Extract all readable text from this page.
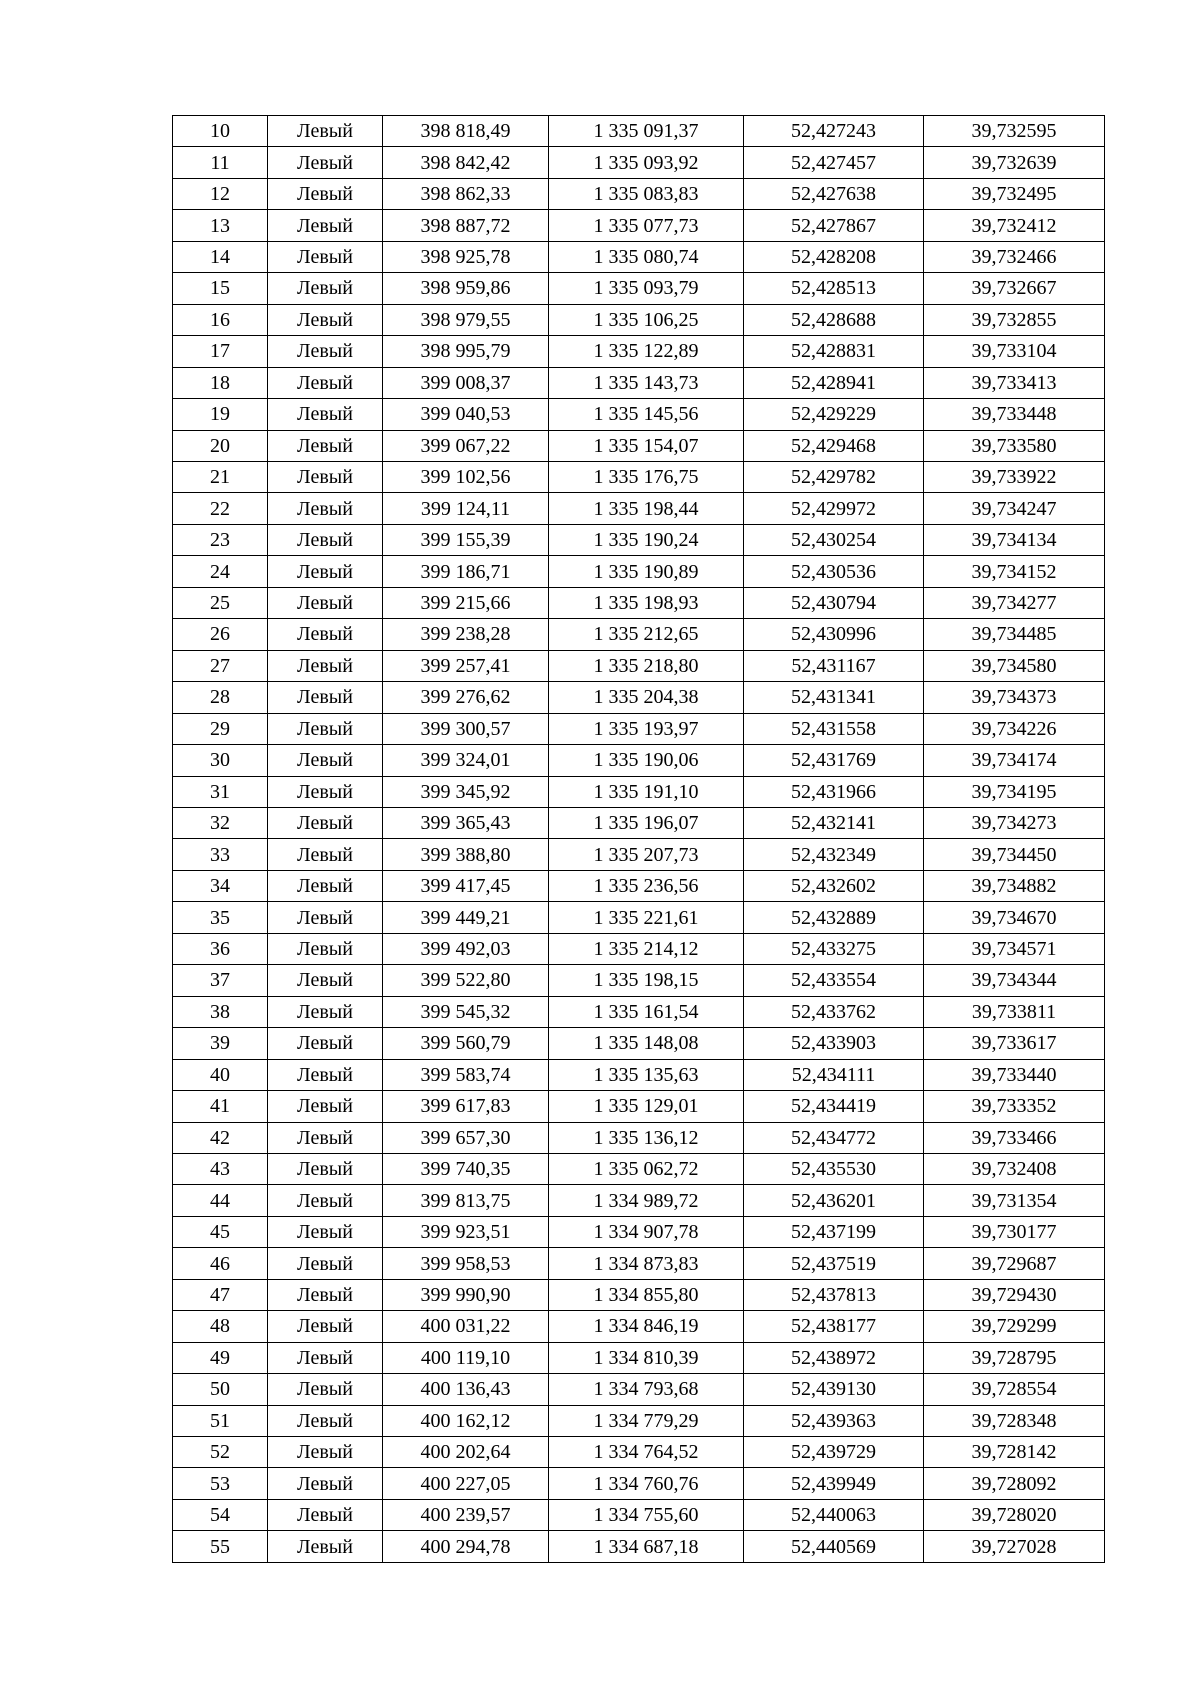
10	Левый	398 818,49	1 335 091,37	52,427243	39,732595
11	Левый	398 842,42	1 335 093,92	52,427457	39,732639
12	Левый	398 862,33	1 335 083,83	52,427638	39,732495
13	Левый	398 887,72	1 335 077,73	52,427867	39,732412
14	Левый	398 925,78	1 335 080,74	52,428208	39,732466
15	Левый	398 959,86	1 335 093,79	52,428513	39,732667
16	Левый	398 979,55	1 335 106,25	52,428688	39,732855
17	Левый	398 995,79	1 335 122,89	52,428831	39,733104
18	Левый	399 008,37	1 335 143,73	52,428941	39,733413
19	Левый	399 040,53	1 335 145,56	52,429229	39,733448
20	Левый	399 067,22	1 335 154,07	52,429468	39,733580
21	Левый	399 102,56	1 335 176,75	52,429782	39,733922
22	Левый	399 124,11	1 335 198,44	52,429972	39,734247
23	Левый	399 155,39	1 335 190,24	52,430254	39,734134
24	Левый	399 186,71	1 335 190,89	52,430536	39,734152
25	Левый	399 215,66	1 335 198,93	52,430794	39,734277
26	Левый	399 238,28	1 335 212,65	52,430996	39,734485
27	Левый	399 257,41	1 335 218,80	52,431167	39,734580
28	Левый	399 276,62	1 335 204,38	52,431341	39,734373
29	Левый	399 300,57	1 335 193,97	52,431558	39,734226
30	Левый	399 324,01	1 335 190,06	52,431769	39,734174
31	Левый	399 345,92	1 335 191,10	52,431966	39,734195
32	Левый	399 365,43	1 335 196,07	52,432141	39,734273
33	Левый	399 388,80	1 335 207,73	52,432349	39,734450
34	Левый	399 417,45	1 335 236,56	52,432602	39,734882
35	Левый	399 449,21	1 335 221,61	52,432889	39,734670
36	Левый	399 492,03	1 335 214,12	52,433275	39,734571
37	Левый	399 522,80	1 335 198,15	52,433554	39,734344
38	Левый	399 545,32	1 335 161,54	52,433762	39,733811
39	Левый	399 560,79	1 335 148,08	52,433903	39,733617
40	Левый	399 583,74	1 335 135,63	52,434111	39,733440
41	Левый	399 617,83	1 335 129,01	52,434419	39,733352
42	Левый	399 657,30	1 335 136,12	52,434772	39,733466
43	Левый	399 740,35	1 335 062,72	52,435530	39,732408
44	Левый	399 813,75	1 334 989,72	52,436201	39,731354
45	Левый	399 923,51	1 334 907,78	52,437199	39,730177
46	Левый	399 958,53	1 334 873,83	52,437519	39,729687
47	Левый	399 990,90	1 334 855,80	52,437813	39,729430
48	Левый	400 031,22	1 334 846,19	52,438177	39,729299
49	Левый	400 119,10	1 334 810,39	52,438972	39,728795
50	Левый	400 136,43	1 334 793,68	52,439130	39,728554
51	Левый	400 162,12	1 334 779,29	52,439363	39,728348
52	Левый	400 202,64	1 334 764,52	52,439729	39,728142
53	Левый	400 227,05	1 334 760,76	52,439949	39,728092
54	Левый	400 239,57	1 334 755,60	52,440063	39,728020
55	Левый	400 294,78	1 334 687,18	52,440569	39,727028
